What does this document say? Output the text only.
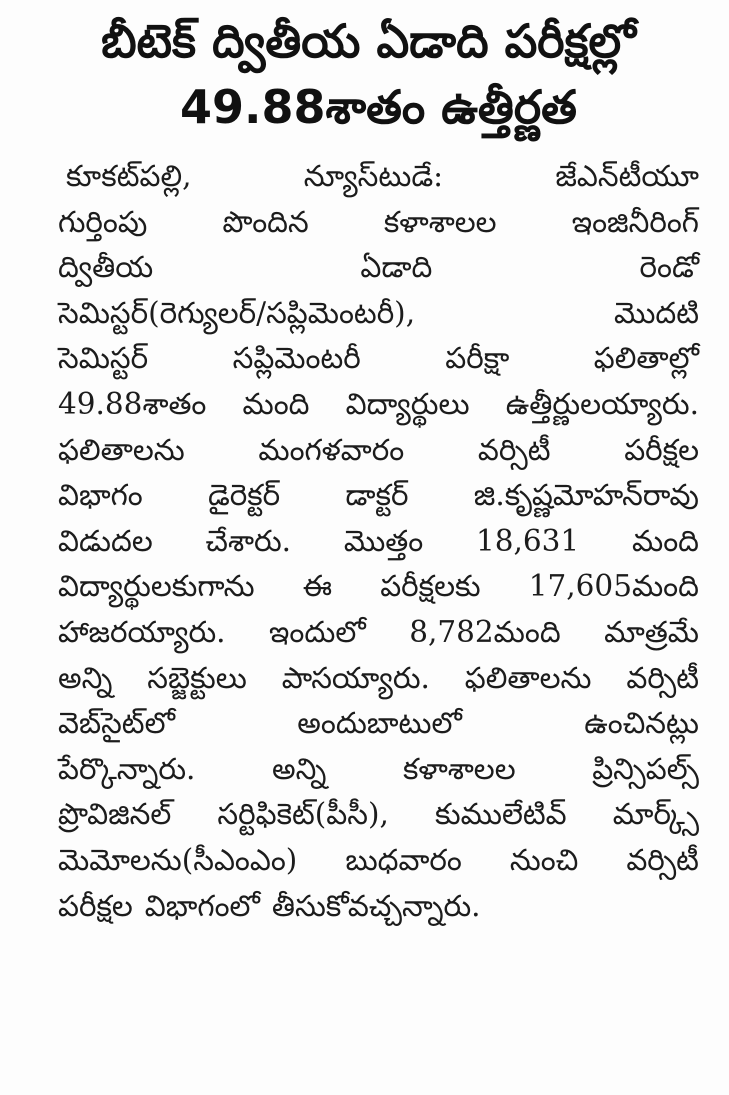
బీటెక్ ద్వితీయ ఏడాది పరీక్షల్లో
49.88శాతం ఉత్తీర్ణత
కూకట్‌పల్లి,	న్యూస్‌టుడే:	జేఎన్‌టీయూ
గుర్తింపు	పొందిన	కళాశాలల	ఇంజినీరింగ్
ద్వితీయ	ఏడాది	రెండో
సెమిస్టర్(రెగ్యులర్/సప్లిమెంటరీ),	మొదటి
సెమిస్టర్	సప్లిమెంటరీ	పరీక్షా	ఫలితాల్లో
49.88శాతం మంది విద్యార్థులు ఉత్తీర్ణులయ్యారు.
ఫలితాలను మంగళవారం వర్సిటీ పరీక్షల
విభాగం డైరెక్టర్ డాక్టర్ జి.కృష్ణమోహన్‌రావు
విడుదల చేశారు. మొత్తం 18,631 మంది
విద్యార్థులకుగాను ఈ పరీక్షలకు 17,605మంది
హాజరయ్యారు. ఇందులో 8,782మంది మాత్రమే
అన్ని సబ్జెక్టులు పాసయ్యారు. ఫలితాలను వర్సిటీ
వెబ్‌సైట్‌లో	అందుబాటులో	ఉంచినట్లు
పేర్కొన్నారు.	అన్ని	కళాశాలల	ప్రిన్సిపల్స్
ప్రొవిజినల్ సర్టిఫికెట్(పీసీ), కుములేటివ్ మార్క్స్
మెమోలను(సీఎంఎం) బుధవారం నుంచి వర్సిటీ
పరీక్షల విభాగంలో తీసుకోవచ్చన్నారు.
